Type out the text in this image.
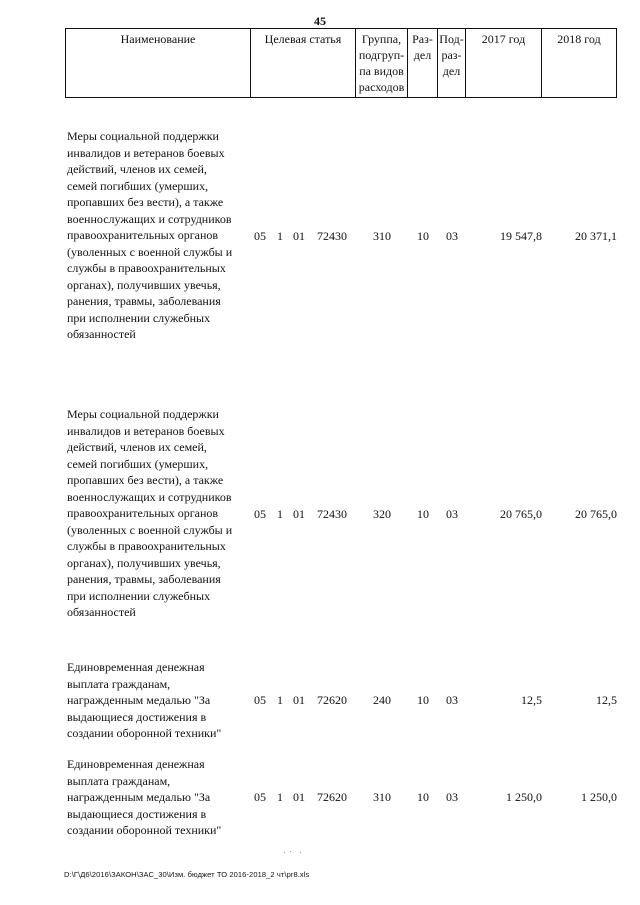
45
Наименование	Целевая статья	Группа,
подгруп-
па видов
расходов	Раз-
дел	Под-
раз-
дел	2017 год	2018 год
Меры социальной поддержки
инвалидов и ветеранов боевых
действий, членов их семей,
семей погибших (умерших,
пропавших без вести), а также
военнослужащих и сотрудников
правоохранительных органов
(уволенных с военной службы и
службы в правоохранительных
органах), получивших увечья,
ранения, травмы, заболевания
при исполнении служебных
обязанностей
05 1 01 72430	310	10	03	19 547,8	20 371,1
Меры социальной поддержки
инвалидов и ветеранов боевых
действий, членов их семей,
семей погибших (умерших,
пропавших без вести), а также
военнослужащих и сотрудников
правоохранительных органов
(уволенных с военной службы и
службы в правоохранительных
органах), получивших увечья,
ранения, травмы, заболевания
при исполнении служебных
обязанностей
05 1 01 72430	320	10	03	20 765,0	20 765,0
Единовременная денежная
выплата гражданам,
награжденным медалью "За
выдающиеся достижения в
создании оборонной техники"
05 1 01 72620	240	10	03	12,5	12,5
Единовременная денежная
выплата гражданам,
награжденным медалью "За
выдающиеся достижения в
создании оборонной техники"
05 1 01 72620	310	10	03	1 250,0	1 250,0
D:\Г\Д6\2016\ЗАКОН\ЗАС_30\Изм. бюджет ТО 2016-2018_2 чт\pr8.xls
